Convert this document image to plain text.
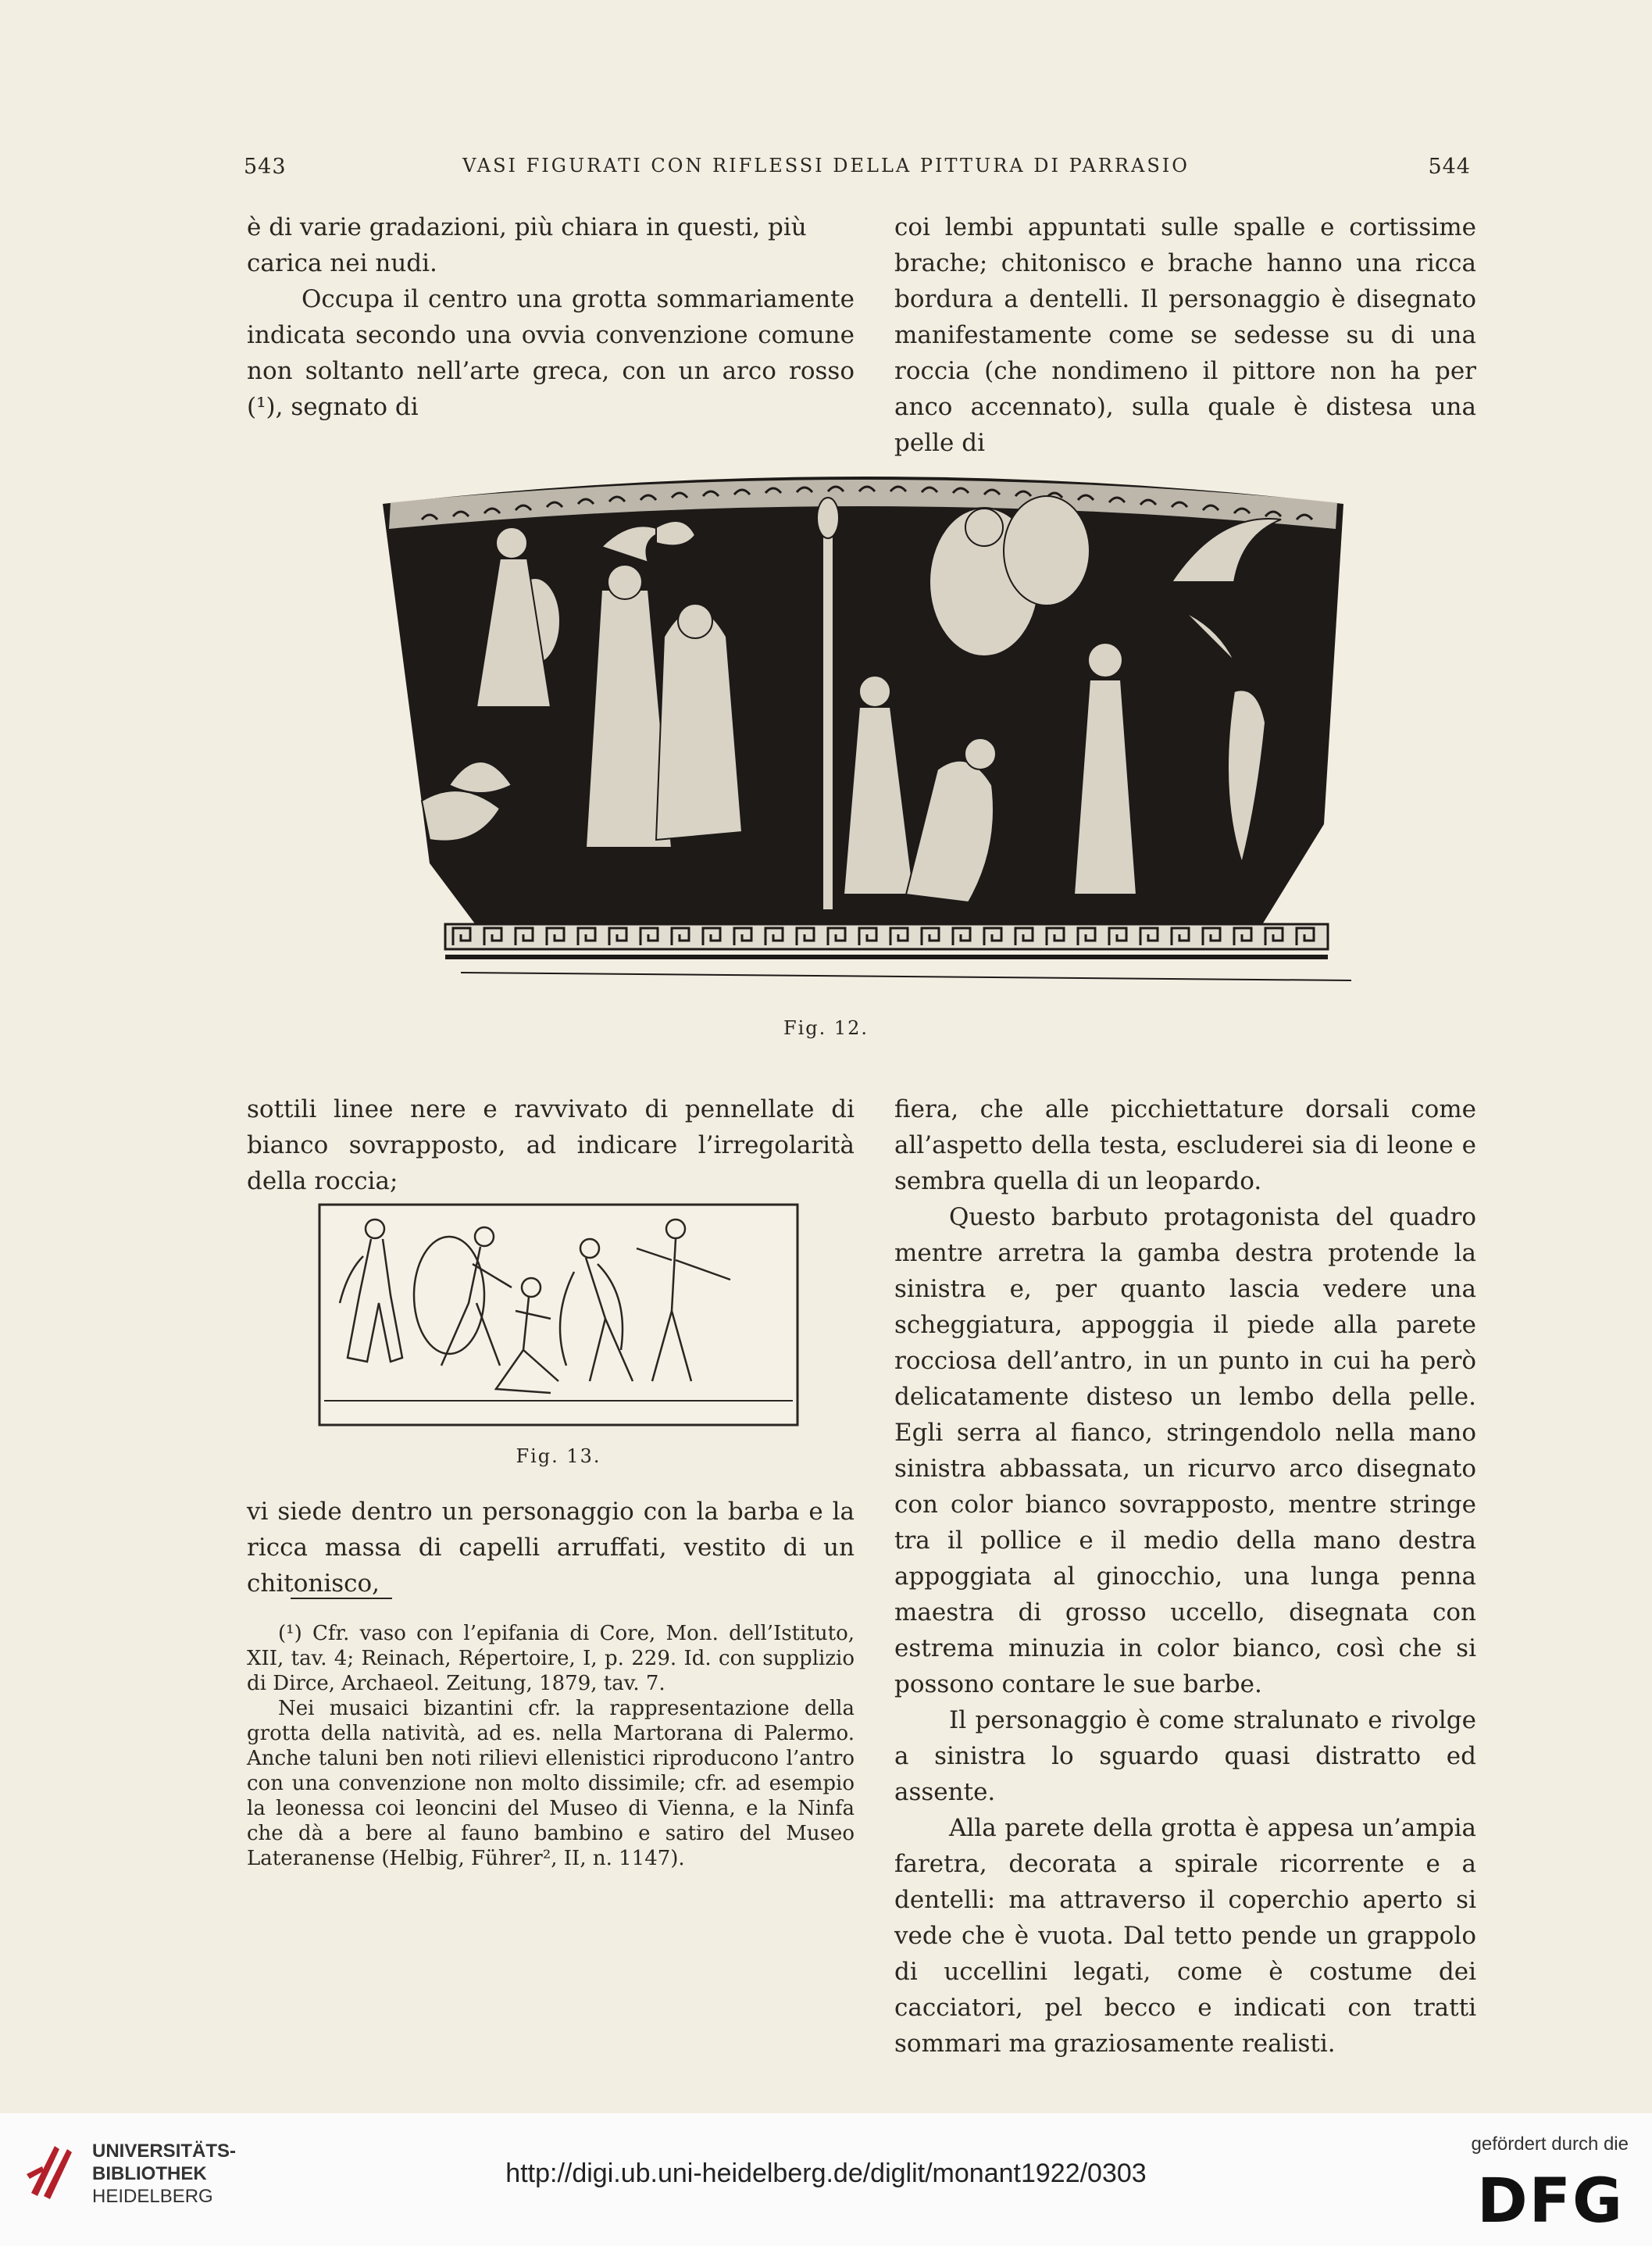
543	VASI FIGURATI CON RIFLESSI DELLA PITTURA DI PARRASIO	544

è di varie gradazioni, più chiara in questi, più carica nei nudi.

Occupa il centro una grotta sommariamente indicata secondo una ovvia convenzione comune non soltanto nell’arte greca, con un arco rosso (¹), segnato di

coi lembi appuntati sulle spalle e cortissime brache; chitonisco e brache hanno una ricca bordura a dentelli. Il personaggio è disegnato manifestamente come se sedesse su di una roccia (che nondimeno il pittore non ha per anco accennato), sulla quale è distesa una pelle di

Fig. 12.

sottili linee nere e ravvivato di pennellate di bianco sovrapposto, ad indicare l’irregolarità della roccia;

Fig. 13.

vi siede dentro un personaggio con la barba e la ricca massa di capelli arruffati, vestito di un chitonisco,

(¹) Cfr. vaso con l’epifania di Core, Mon. dell’Istituto, XII, tav. 4; Reinach, Répertoire, I, p. 229. Id. con supplizio di Dirce, Archaeol. Zeitung, 1879, tav. 7.

Nei musaici bizantini cfr. la rappresentazione della grotta della natività, ad es. nella Martorana di Palermo. Anche taluni ben noti rilievi ellenistici riproducono l’antro con una convenzione non molto dissimile; cfr. ad esempio la leonessa coi leoncini del Museo di Vienna, e la Ninfa che dà a bere al fauno bambino e satiro del Museo Lateranense (Helbig, Führer², II, n. 1147).

fiera, che alle picchiettature dorsali come all’aspetto della testa, escluderei sia di leone e sembra quella di un leopardo.

Questo barbuto protagonista del quadro mentre arretra la gamba destra protende la sinistra e, per quanto lascia vedere una scheggiatura, appoggia il piede alla parete rocciosa dell’antro, in un punto in cui ha però delicatamente disteso un lembo della pelle. Egli serra al fianco, stringendolo nella mano sinistra abbassata, un ricurvo arco disegnato con color bianco sovrapposto, mentre stringe tra il pollice e il medio della mano destra appoggiata al ginocchio, una lunga penna maestra di grosso uccello, disegnata con estrema minuzia in color bianco, così che si possono contare le sue barbe.

Il personaggio è come stralunato e rivolge a sinistra lo sguardo quasi distratto ed assente.

Alla parete della grotta è appesa un’ampia faretra, decorata a spirale ricorrente e a dentelli: ma attraverso il coperchio aperto si vede che è vuota. Dal tetto pende un grappolo di uccellini legati, come è costume dei cacciatori, pel becco e indicati con tratti sommari ma graziosamente realisti.

UNIVERSITÄTS-
BIBLIOTHEK
HEIDELBERG
http://digi.ub.uni-heidelberg.de/diglit/monant1922/0303
gefördert durch die
DFG
